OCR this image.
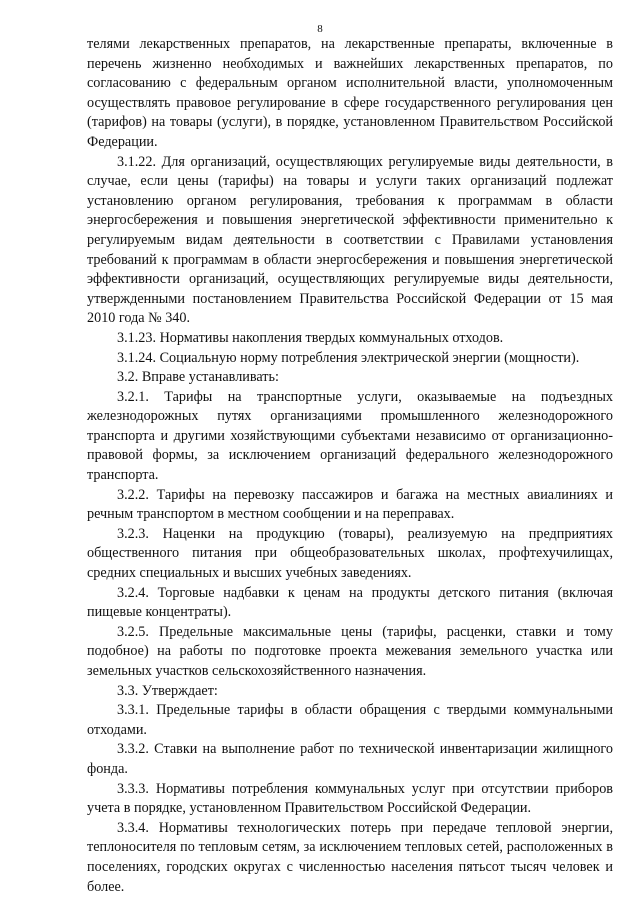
8

телями лекарственных препаратов, на лекарственные препараты, включенные в перечень жизненно необходимых и важнейших лекарственных препаратов, по согласованию с федеральным органом исполнительной власти, уполномоченным осуществлять правовое регулирование в сфере государственного регулирования цен (тарифов) на товары (услуги), в порядке, установленном Правительством Российской Федерации.

3.1.22. Для организаций, осуществляющих регулируемые виды деятельности, в случае, если цены (тарифы) на товары и услуги таких организаций подлежат установлению органом регулирования, требования к программам в области энергосбережения и повышения энергетической эффективности применительно к регулируемым видам деятельности в соответствии с Правилами установления требований к программам в области энергосбережения и повышения энергетической эффективности организаций, осуществляющих регулируемые виды деятельности, утвержденными постановлением Правительства Российской Федерации от 15 мая 2010 года № 340.

3.1.23. Нормативы накопления твердых коммунальных отходов.

3.1.24. Социальную норму потребления электрической энергии (мощности).

3.2. Вправе устанавливать:

3.2.1. Тарифы на транспортные услуги, оказываемые на подъездных железнодорожных путях организациями промышленного железнодорожного транспорта и другими хозяйствующими субъектами независимо от организационно-правовой формы, за исключением организаций федерального железнодорожного транспорта.

3.2.2. Тарифы на перевозку пассажиров и багажа на местных авиалиниях и речным транспортом в местном сообщении и на переправах.

3.2.3. Наценки на продукцию (товары), реализуемую на предприятиях общественного питания при общеобразовательных школах, профтехучилищах, средних специальных и высших учебных заведениях.

3.2.4. Торговые надбавки к ценам на продукты детского питания (включая пищевые концентраты).

3.2.5. Предельные максимальные цены (тарифы, расценки, ставки и тому подобное) на работы по подготовке проекта межевания земельного участка или земельных участков сельскохозяйственного назначения.

3.3. Утверждает:

3.3.1. Предельные тарифы в области обращения с твердыми коммунальными отходами.

3.3.2. Ставки на выполнение работ по технической инвентаризации жилищного фонда.

3.3.3. Нормативы потребления коммунальных услуг при отсутствии приборов учета в порядке, установленном Правительством Российской Федерации.

3.3.4. Нормативы технологических потерь при передаче тепловой энергии, теплоносителя по тепловым сетям, за исключением тепловых сетей, расположенных в поселениях, городских округах с численностью населения пятьсот тысяч человек и более.
